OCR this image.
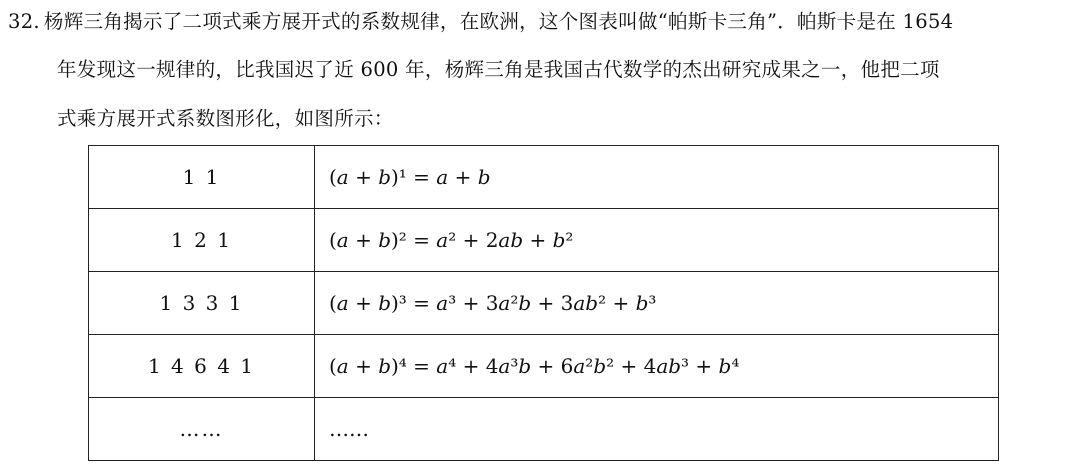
32. 杨辉三角揭示了二项式乘方展开式的系数规律，在欧洲，这个图表叫做“帕斯卡三角”．帕斯卡是在 1654
年发现这一规律的，比我国迟了近 600 年，杨辉三角是我国古代数学的杰出研究成果之一，他把二项
式乘方展开式系数图形化，如图所示：
1 1	(𝑎 + 𝑏)¹ = 𝑎 + 𝑏
1 2 1	(𝑎 + 𝑏)² = 𝑎² + 2𝑎𝑏 + 𝑏²
1 3 3 1	(𝑎 + 𝑏)³ = 𝑎³ + 3𝑎²𝑏 + 3𝑎𝑏² + 𝑏³
1 4 6 4 1	(𝑎 + 𝑏)⁴ = 𝑎⁴ + 4𝑎³𝑏 + 6𝑎²𝑏² + 4𝑎𝑏³ + 𝑏⁴
……	……
